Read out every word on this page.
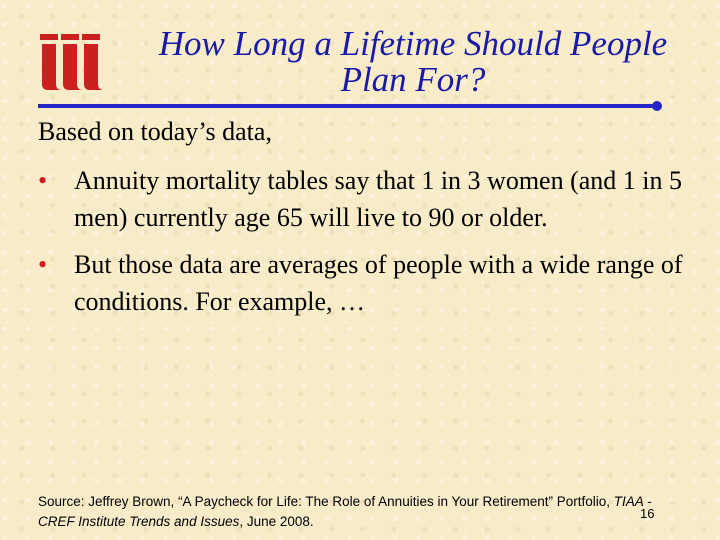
How Long a Lifetime Should People
Plan For?
Based on today’s data,
• Annuity mortality tables say that 1 in 3 women (and 1 in 5 men) currently age 65 will live to 90 or older.
• But those data are averages of people with a wide range of conditions. For example, …
Source: Jeffrey Brown, “A Paycheck for Life: The Role of Annuities in Your Retirement” Portfolio, TIAA -CREF Institute Trends and Issues, June 2008.
16
